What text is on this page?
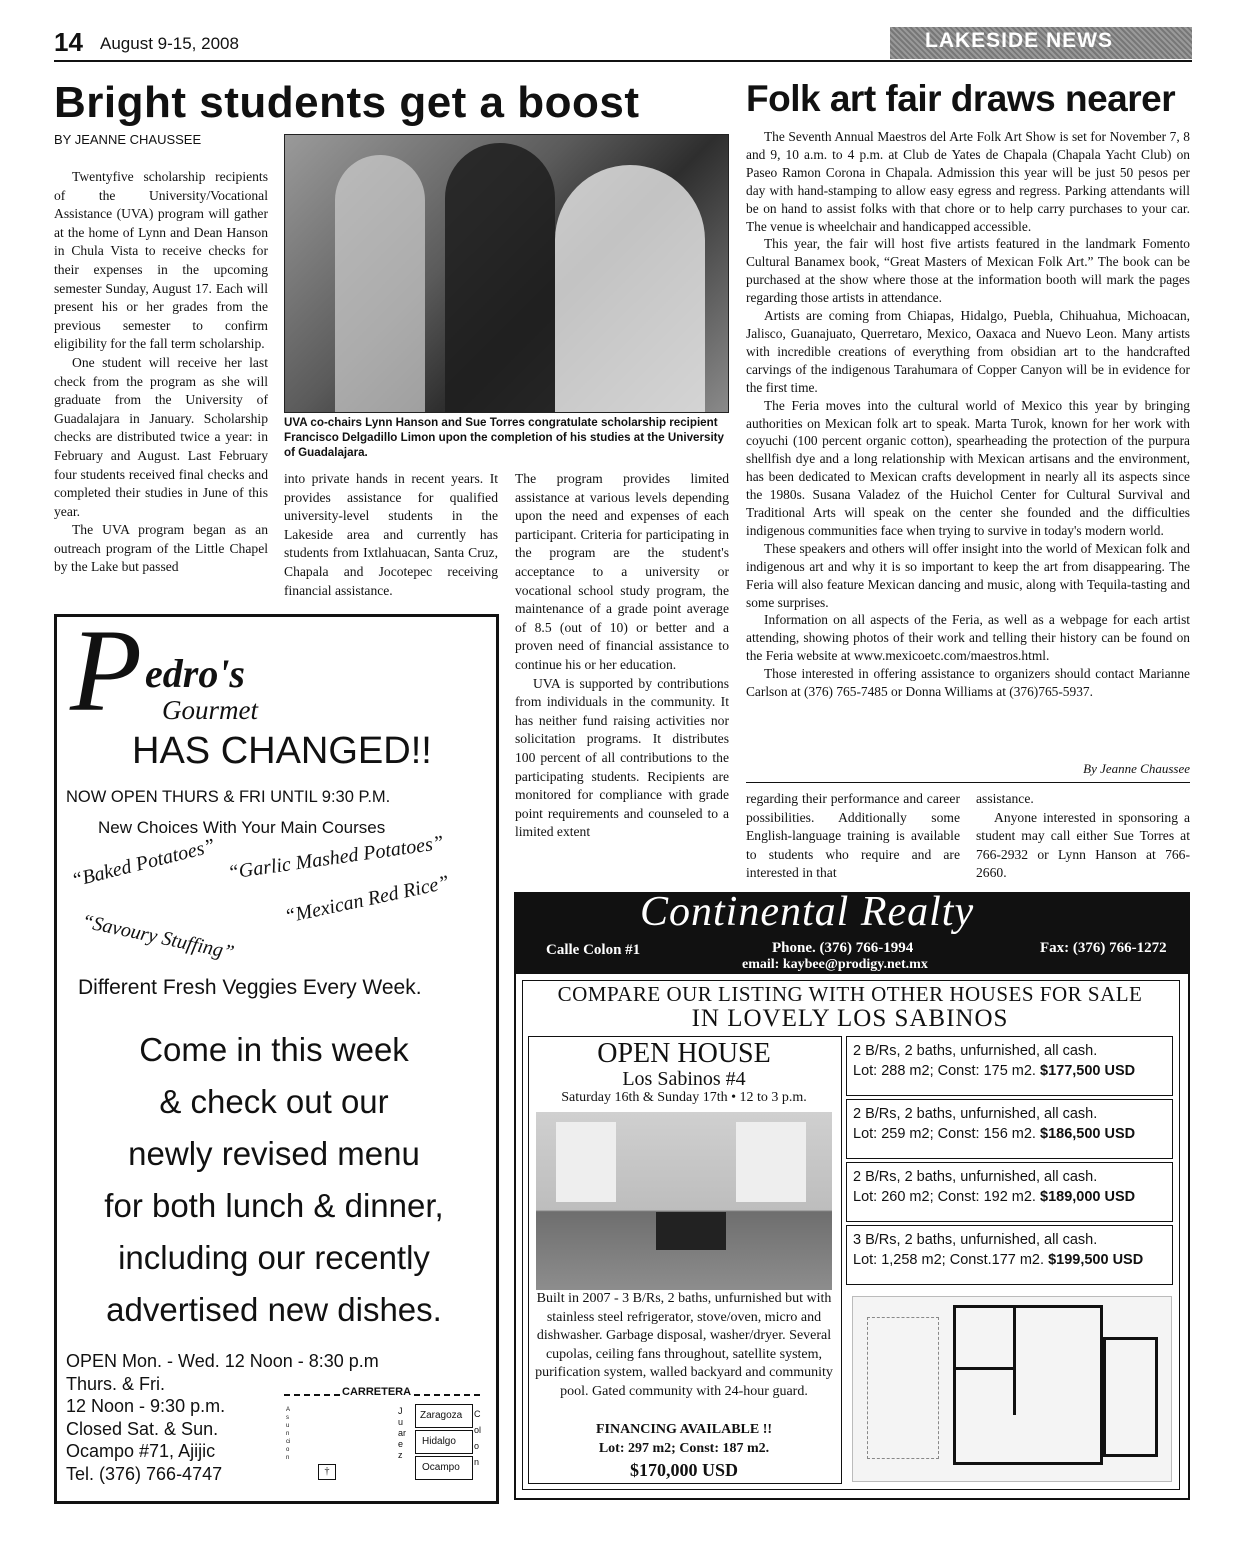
14 August 9-15, 2008	LAKESIDE NEWS
Bright students get a boost
BY JEANNE CHAUSSEE

Twentyfive scholarship recipients of the University/Vocational Assistance (UVA) program will gather at the home of Lynn and Dean Hanson in Chula Vista to receive checks for their expenses in the upcoming semester Sunday, August 17. Each will present his or her grades from the previous semester to confirm eligibility for the fall term scholarship.

One student will receive her last check from the program as she will graduate from the University of Guadalajara in January. Scholarship checks are distributed twice a year: in February and August. Last February four students received final checks and completed their studies in June of this year.

The UVA program began as an outreach program of the Little Chapel by the Lake but passed

UVA co-chairs Lynn Hanson and Sue Torres congratulate scholarship recipient Francisco Delgadillo Limon upon the completion of his studies at the University of Guadalajara.

into private hands in recent years. It provides assistance for qualified university-level students in the Lakeside area and currently has students from Ixtlahuacan, Santa Cruz, Chapala and Jocotepec receiving financial assistance.

The program provides limited assistance at various levels depending upon the need and expenses of each participant. Criteria for participating in the program are the student's acceptance to a university or vocational school study program, the maintenance of a grade point average of 8.5 (out of 10) or better and a proven need of financial assistance to continue his or her education.

UVA is supported by contributions from individuals in the community. It has neither fund raising activities nor solicitation programs. It distributes 100 percent of all contributions to the participating students. Recipients are monitored for compliance with grade point requirements and counseled to a limited extent

regarding their performance and career possibilities. Additionally some English-language training is available to students who require and are interested in that

assistance.

Anyone interested in sponsoring a student may call either Sue Torres at 766-2932 or Lynn Hanson at 766-2660.

Folk art fair draws nearer

The Seventh Annual Maestros del Arte Folk Art Show is set for November 7, 8 and 9, 10 a.m. to 4 p.m. at Club de Yates de Chapala (Chapala Yacht Club) on Paseo Ramon Corona in Chapala. Admission this year will be just 50 pesos per day with hand-stamping to allow easy egress and regress. Parking attendants will be on hand to assist folks with that chore or to help carry purchases to your car. The venue is wheelchair and handicapped accessible.

This year, the fair will host five artists featured in the landmark Fomento Cultural Banamex book, “Great Masters of Mexican Folk Art.” The book can be purchased at the show where those at the information booth will mark the pages regarding those artists in attendance.

Artists are coming from Chiapas, Hidalgo, Puebla, Chihuahua, Michoacan, Jalisco, Guanajuato, Querretaro, Mexico, Oaxaca and Nuevo Leon. Many artists with incredible creations of everything from obsidian art to the handcrafted carvings of the indigenous Tarahumara of Copper Canyon will be in evidence for the first time.

The Feria moves into the cultural world of Mexico this year by bringing authorities on Mexican folk art to speak. Marta Turok, known for her work with coyuchi (100 percent organic cotton), spearheading the protection of the purpura shellfish dye and a long relationship with Mexican artisans and the environment, has been dedicated to Mexican crafts development in nearly all its aspects since the 1980s. Susana Valadez of the Huichol Center for Cultural Survival and Traditional Arts will speak on the center she founded and the difficulties indigenous communities face when trying to survive in today's modern world.

These speakers and others will offer insight into the world of Mexican folk and indigenous art and why it is so important to keep the art from disappearing. The Feria will also feature Mexican dancing and music, along with Tequila-tasting and some surprises.

Information on all aspects of the Feria, as well as a webpage for each artist attending, showing photos of their work and telling their history can be found on the Feria website at www.mexicoetc.com/maestros.html.

Those interested in offering assistance to organizers should contact Marianne Carlson at (376) 765-7485 or Donna Williams at (376)765-5937.

By Jeanne Chaussee
P edro's
Gourmet
HAS CHANGED!!
NOW OPEN THURS & FRI UNTIL 9:30 P.M.
New Choices With Your Main Courses
“Baked Potatoes” “Garlic Mashed Potatoes”
“Savoury Stuffing”
“Mexican Red Rice”
Different Fresh Veggies Every Week.
Come in this week
& check out our
newly revised menu
for both lunch & dinner,
including our recently
advertised new dishes.
OPEN Mon. - Wed. 12 Noon - 8:30 p.m
Thurs. & Fri.
12 Noon - 9:30 p.m.
Closed Sat. & Sun.
Ocampo #71, Ajijic
Tel. (376) 766-4747
CARRETERA
Asuncion
Juarez
Zaragoza
Hidalgo
Ocampo
Colon
†
Continental Realty
Calle Colon #1	Phone. (376) 766-1994	Fax: (376) 766-1272
email: kaybee@prodigy.net.mx
COMPARE OUR LISTING WITH OTHER HOUSES FOR SALE
IN LOVELY LOS SABINOS
OPEN HOUSE
Los Sabinos #4
Saturday 16th & Sunday 17th • 12 to 3 p.m.
Built in 2007 - 3 B/Rs, 2 baths, unfurnished but with stainless steel refrigerator, stove/oven, micro and dishwasher. Garbage disposal, washer/dryer. Several cupolas, ceiling fans throughout, satellite system, purification system, walled backyard and community pool. Gated community with 24-hour guard.
FINANCING AVAILABLE !!
Lot: 297 m2; Const: 187 m2.
$170,000 USD
2 B/Rs, 2 baths, unfurnished, all cash.
Lot: 288 m2; Const: 175 m2. $177,500 USD
2 B/Rs, 2 baths, unfurnished, all cash.
Lot: 259 m2; Const: 156 m2. $186,500 USD
2 B/Rs, 2 baths, unfurnished, all cash.
Lot: 260 m2; Const: 192 m2. $189,000 USD
3 B/Rs, 2 baths, unfurnished, all cash.
Lot: 1,258 m2; Const.177 m2. $199,500 USD
